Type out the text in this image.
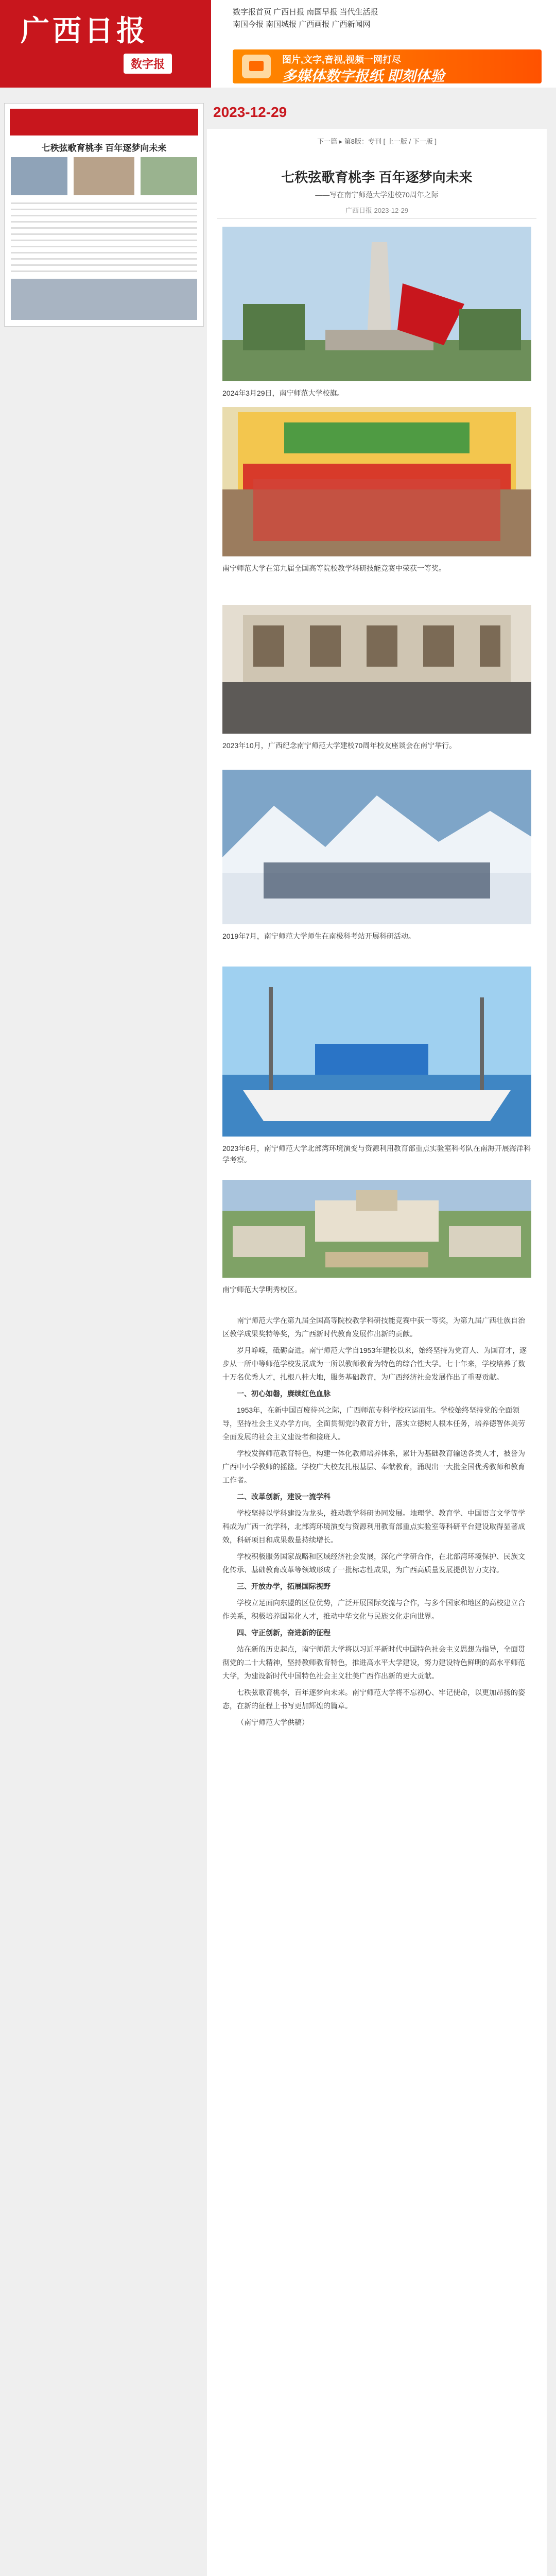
广西日报
数字报
数字报首页 广西日报 南国早报 当代生活报
南国今报 南国城报 广西画报 广西新闻网
图片,文字,音视,视频一网打尽
多媒体数字报纸 即刻体验
七秩弦歌育桃李 百年逐梦向未来
2023-12-29
下一篇 ▸ 第8版：专刊 [ 上一版 / 下一版 ]
七秩弦歌育桃李 百年逐梦向未来
——写在南宁师范大学建校70周年之际
广西日报 2023-12-29
2024年3月29日，南宁师范大学校旗。
南宁师范大学在第九届全国高等院校教学科研技能竞赛中荣获一等奖。
2023年10月，广西纪念南宁师范大学建校70周年校友座谈会在南宁举行。
2019年7月，南宁师范大学师生在南极科考站开展科研活动。
2023年6月，南宁师范大学北部湾环境演变与资源利用教育部重点实验室科考队在南海开展海洋科学考察。
南宁师范大学明秀校区。

南宁师范大学在第九届全国高等院校教学科研技能竞赛中获一等奖，为第九届广西壮族自治区教学成果奖特等奖，为广西新时代教育发展作出新的贡献。

岁月峥嵘，砥砺奋进。南宁师范大学自1953年建校以来，始终坚持为党育人、为国育才，逐步从一所中等师范学校发展成为一所以教师教育为特色的综合性大学。七十年来，学校培养了数十万名优秀人才，扎根八桂大地，服务基础教育，为广西经济社会发展作出了重要贡献。

一、初心如磐，赓续红色血脉

1953年，在新中国百废待兴之际，广西师范专科学校应运而生。学校始终坚持党的全面领导，坚持社会主义办学方向，全面贯彻党的教育方针，落实立德树人根本任务，培养德智体美劳全面发展的社会主义建设者和接班人。

学校发挥师范教育特色，构建一体化教师培养体系，累计为基础教育输送各类人才，被誉为广西中小学教师的摇篮。学校广大校友扎根基层、奉献教育，涌现出一大批全国优秀教师和教育工作者。

二、改革创新，建设一流学科

学校坚持以学科建设为龙头，推动教学科研协同发展。地理学、教育学、中国语言文学等学科成为广西一流学科，北部湾环境演变与资源利用教育部重点实验室等科研平台建设取得显著成效，科研项目和成果数量持续增长。

学校积极服务国家战略和区域经济社会发展，深化产学研合作，在北部湾环境保护、民族文化传承、基础教育改革等领域形成了一批标志性成果，为广西高质量发展提供智力支持。

三、开放办学，拓展国际视野

学校立足面向东盟的区位优势，广泛开展国际交流与合作，与多个国家和地区的高校建立合作关系，积极培养国际化人才，推动中华文化与民族文化走向世界。

四、守正创新，奋进新的征程

站在新的历史起点，南宁师范大学将以习近平新时代中国特色社会主义思想为指导，全面贯彻党的二十大精神，坚持教师教育特色，推进高水平大学建设，努力建设特色鲜明的高水平师范大学，为建设新时代中国特色社会主义壮美广西作出新的更大贡献。

七秩弦歌育桃李，百年逐梦向未来。南宁师范大学将不忘初心、牢记使命，以更加昂扬的姿态，在新的征程上书写更加辉煌的篇章。

（南宁师范大学供稿）
